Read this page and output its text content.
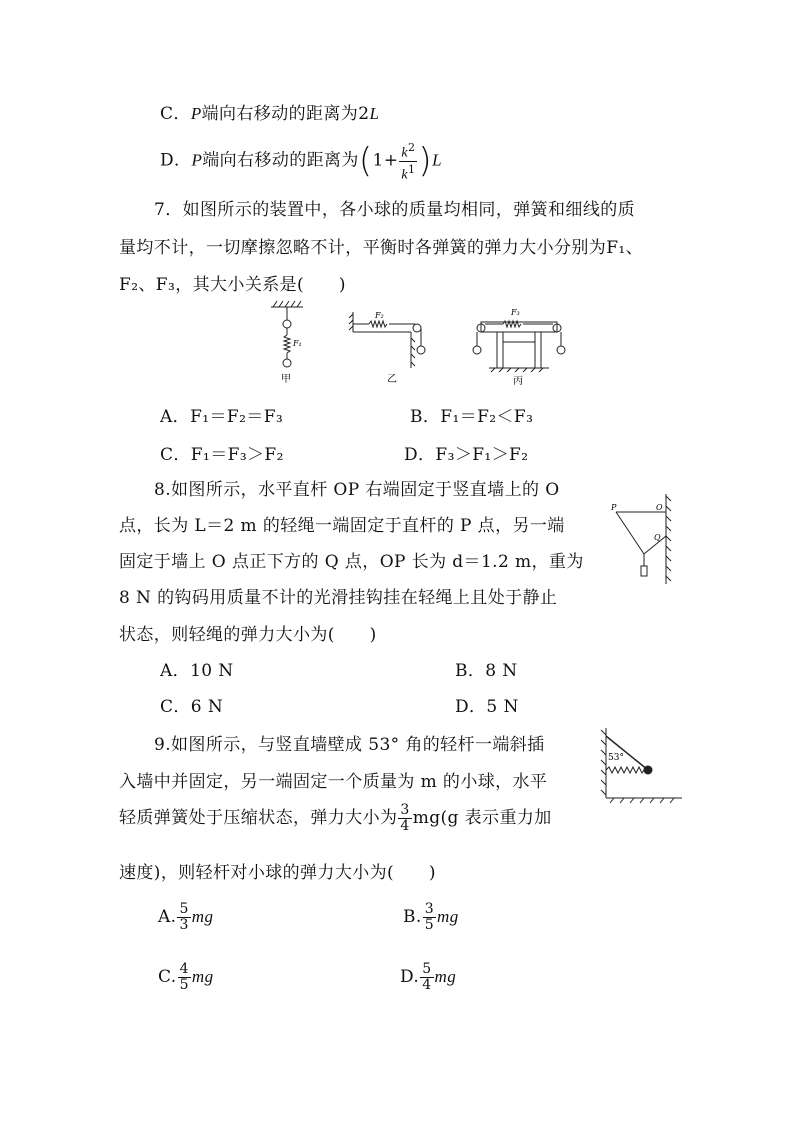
C．P端向右移动的距离为2L
D．P端向右移动的距离为$(1+ \frac{k^2}{k^1} )L$
7．如图所示的装置中，各小球的质量均相同，弹簧和细线的质
量均不计，一切摩擦忽略不计，平衡时各弹簧的弹力大小分别为F₁、
F₂、F₃，其大小关系是(　　)
F₁
甲
F₂
乙
F₃
丙
A．F₁＝F₂＝F₃	B．F₁＝F₂＜F₃
C．F₁＝F₃＞F₂	D．F₃＞F₁＞F₂
8.如图所示，水平直杆 OP 右端固定于竖直墙上的 O
点，长为 L＝2 m 的轻绳一端固定于直杆的 P 点，另一端
固定于墙上 O 点正下方的 Q 点，OP 长为 d＝1.2 m，重为
8 N 的钩码用质量不计的光滑挂钩挂在轻绳上且处于静止
状态，则轻绳的弹力大小为(　　)
P	O
Q
A．10 N	B．8 N
C．6 N	D．5 N
9.如图所示，与竖直墙壁成 53° 角的轻杆一端斜插
入墙中并固定，另一端固定一个质量为 m 的小球，水平
轻质弹簧处于压缩状态，弹力大小为 $\frac{3}{4} mg(g$ 表示重力加
速度)，则轻杆对小球的弹力大小为(　　)
53°
A. $\frac{5}{3}$ mg	B. $\frac{3}{5}$ mg
C. $\frac{4}{5}$ mg	D. $\frac{5}{4}$ mg
